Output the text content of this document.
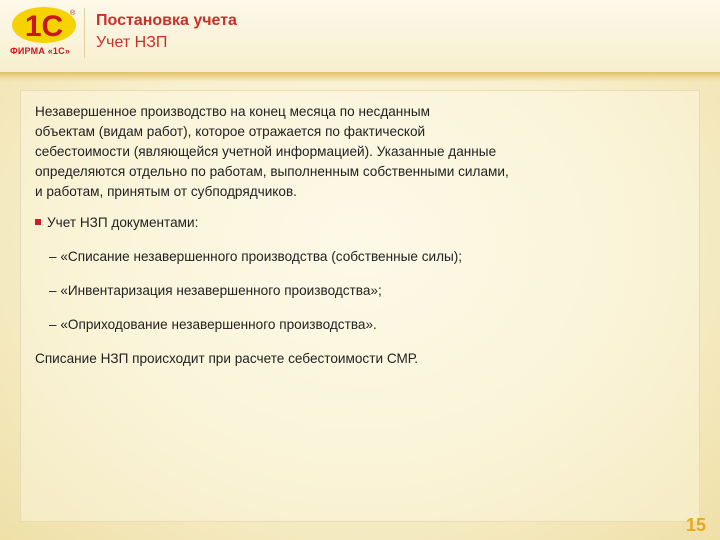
1С ®
ФИРМА «1С»
Постановка учета
Учет НЗП

Незавершенное производство на конец месяца по несданным
объектам (видам работ), которое отражается по фактической
себестоимости (являющейся учетной информацией). Указанные данные
определяются отдельно по работам, выполненным собственными силами,
и работам, принятым от субподрядчиков.

Учет НЗП документами:
– «Списание незавершенного производства (собственные силы);
– «Инвентаризация незавершенного производства»;
– «Оприходование незавершенного производства».
Списание НЗП происходит при расчете себестоимости СМР.
15
